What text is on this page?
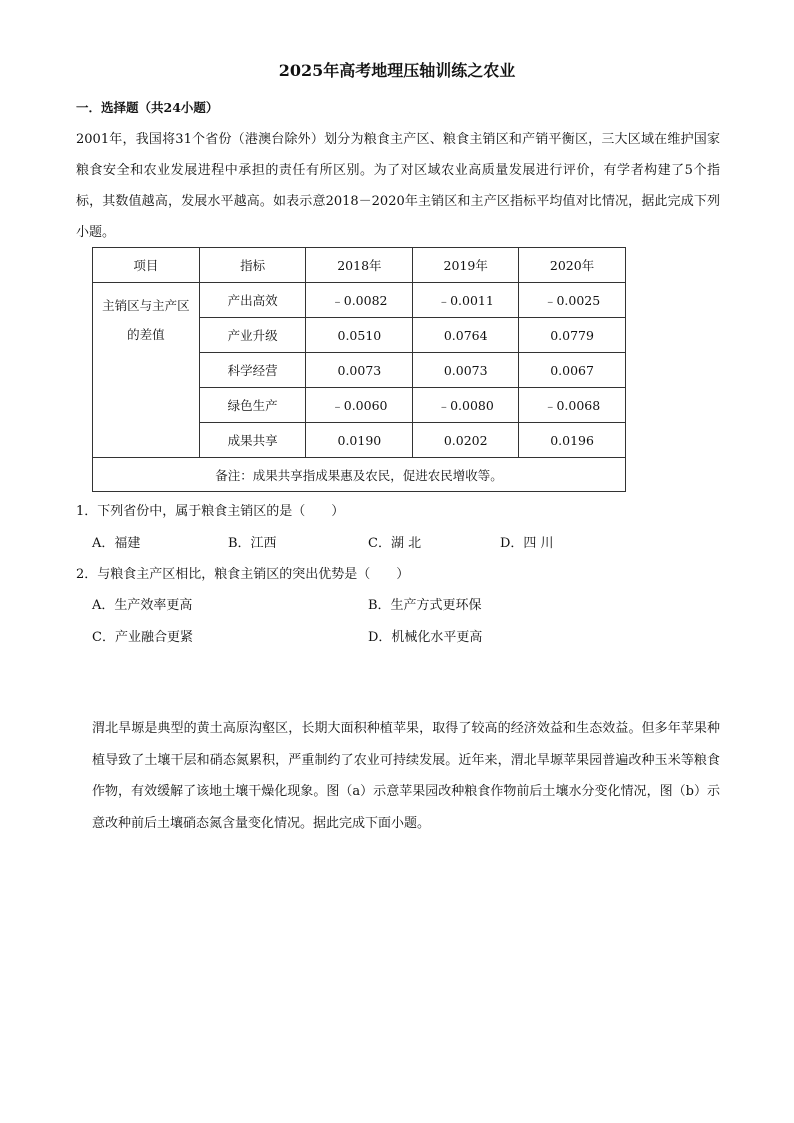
2025年高考地理压轴训练之农业
一．选择题（共24小题）

2001年，我国将31个省份（港澳台除外）划分为粮食主产区、粮食主销区和产销平衡区，三大区域在维护国家粮食安全和农业发展进程中承担的责任有所区别。为了对区域农业高质量发展进行评价，有学者构建了5个指标，其数值越高，发展水平越高。如表示意2018－2020年主销区和主产区指标平均值对比情况，据此完成下列小题。

项目	指标	2018年	2019年	2020年

主销区与主产区
的差值	产出高效	﹣0.0082	﹣0.0011	﹣0.0025
	产业升级	0.0510	0.0764	0.0779
	科学经营	0.0073	0.0073	0.0067
	绿色生产	﹣0.0060	﹣0.0080	﹣0.0068
	成果共享	0.0190	0.0202	0.0196
备注：成果共享指成果惠及农民，促进农民增收等。				
1．下列省份中，属于粮食主销区的是（　　）
A．福建	B．江西	C．湖 北	D．四 川
2．与粮食主产区相比，粮食主销区的突出优势是（　　）
A．生产效率更高	B．生产方式更环保
C．产业融合更紧	D．机械化水平更高

渭北旱塬是典型的黄土高原沟壑区，长期大面积种植苹果，取得了较高的经济效益和生态效益。但多年苹果种植导致了土壤干层和硝态氮累积，严重制约了农业可持续发展。近年来，渭北旱塬苹果园普遍改种玉米等粮食作物，有效缓解了该地土壤干燥化现象。图（a）示意苹果园改种粮食作物前后土壤水分变化情况，图（b）示意改种前后土壤硝态氮含量变化情况。据此完成下面小题。
